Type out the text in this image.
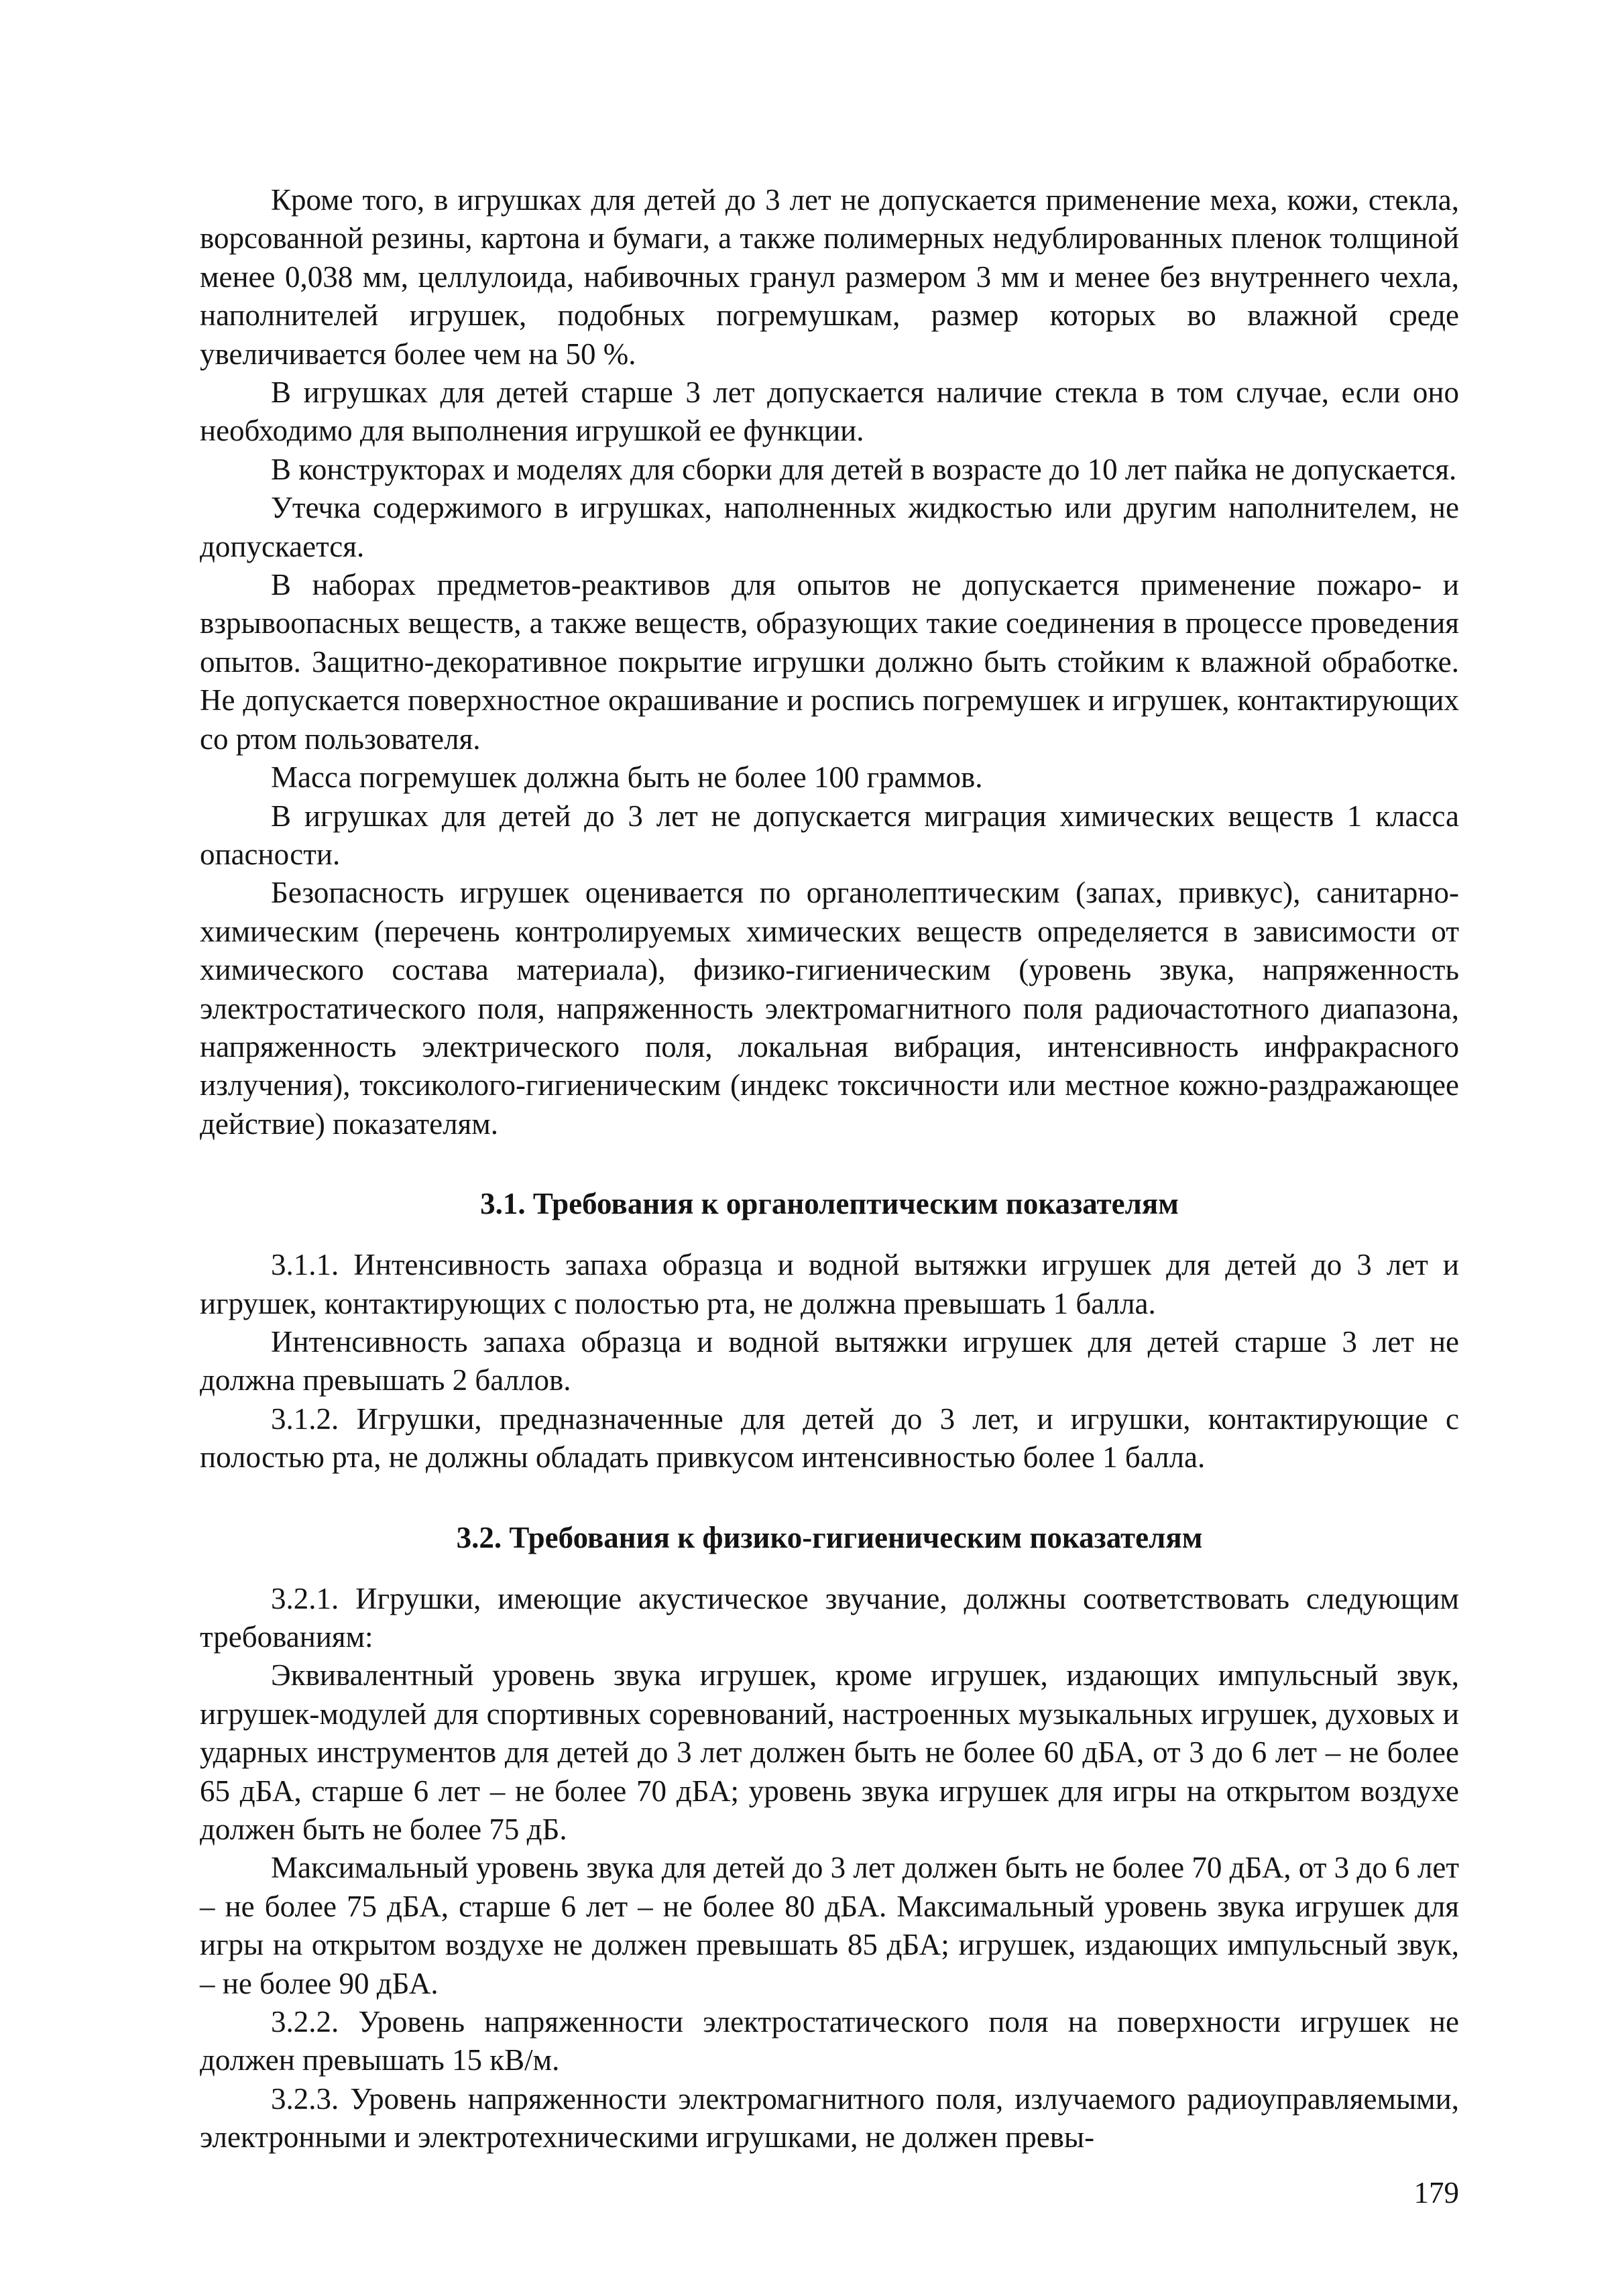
Кроме того, в игрушках для детей до 3 лет не допускается применение меха, кожи, стекла, ворсованной резины, картона и бумаги, а также полимерных недублированных пленок толщиной менее 0,038 мм, целлулоида, набивочных гранул размером 3 мм и менее без внутреннего чехла, наполнителей игрушек, подобных погремушкам, размер которых во влажной среде увеличивается более чем на 50 %.

В игрушках для детей старше 3 лет допускается наличие стекла в том случае, если оно необходимо для выполнения игрушкой ее функции.

В конструкторах и моделях для сборки для детей в возрасте до 10 лет пайка не допускается.

Утечка содержимого в игрушках, наполненных жидкостью или другим наполнителем, не допускается.

В наборах предметов-реактивов для опытов не допускается применение пожаро- и взрывоопасных веществ, а также веществ, образующих такие соединения в процессе проведения опытов. Защитно-декоративное покрытие игрушки должно быть стойким к влажной обработке. Не допускается поверхностное окрашивание и роспись погремушек и игрушек, контактирующих со ртом пользователя.

Масса погремушек должна быть не более 100 граммов.

В игрушках для детей до 3 лет не допускается миграция химических веществ 1 класса опасности.

Безопасность игрушек оценивается по органолептическим (запах, привкус), санитарно-химическим (перечень контролируемых химических веществ определяется в зависимости от химического состава материала), физико-гигиеническим (уровень звука, напряженность электростатического поля, напряженность электромагнитного поля радиочастотного диапазона, напряженность электрического поля, локальная вибрация, интенсивность инфракрасного излучения), токсиколого-гигиеническим (индекс токсичности или местное кожно-раздражающее действие) показателям.

3.1. Требования к органолептическим показателям

3.1.1. Интенсивность запаха образца и водной вытяжки игрушек для детей до 3 лет и игрушек, контактирующих с полостью рта, не должна превышать 1 балла.

Интенсивность запаха образца и водной вытяжки игрушек для детей старше 3 лет не должна превышать 2 баллов.

3.1.2. Игрушки, предназначенные для детей до 3 лет, и игрушки, контактирующие с полостью рта, не должны обладать привкусом интенсивностью более 1 балла.

3.2. Требования к физико-гигиеническим показателям

3.2.1. Игрушки, имеющие акустическое звучание, должны соответствовать следующим требованиям:

Эквивалентный уровень звука игрушек, кроме игрушек, издающих импульсный звук, игрушек-модулей для спортивных соревнований, настроенных музыкальных игрушек, духовых и ударных инструментов для детей до 3 лет должен быть не более 60 дБА, от 3 до 6 лет – не более 65 дБА, старше 6 лет – не более 70 дБА; уровень звука игрушек для игры на открытом воздухе должен быть не более 75 дБ.

Максимальный уровень звука для детей до 3 лет должен быть не более 70 дБА, от 3 до 6 лет – не более 75 дБА, старше 6 лет – не более 80 дБА. Максимальный уровень звука игрушек для игры на открытом воздухе не должен превышать 85 дБА; игрушек, издающих импульсный звук, – не более 90 дБА.

3.2.2. Уровень напряженности электростатического поля на поверхности игрушек не должен превышать 15 кВ/м.

3.2.3. Уровень напряженности электромагнитного поля, излучаемого радиоуправляемыми, электронными и электротехническими игрушками, не должен превы-

179
